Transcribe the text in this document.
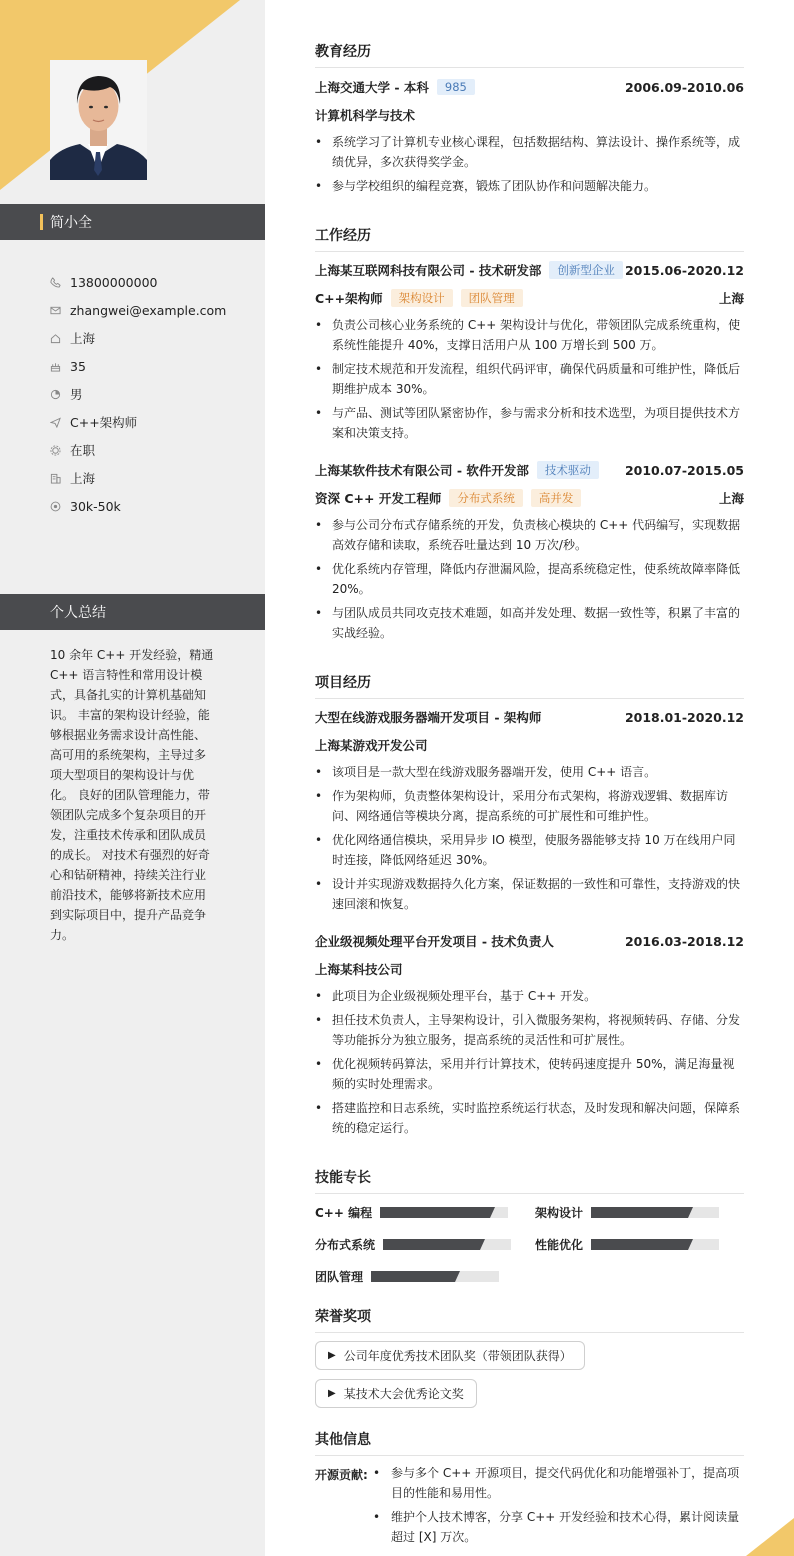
简小全
13800000000
zhangwei@example.com
上海
35
男
C++架构师
在职
上海
30k-50k
个人总结
10 余年 C++ 开发经验，精通 C++ 语言特性和常用设计模式，具备扎实的计算机基础知识。 丰富的架构设计经验，能够根据业务需求设计高性能、高可用的系统架构，主导过多项大型项目的架构设计与优化。 良好的团队管理能力，带领团队完成多个复杂项目的开发，注重技术传承和团队成员的成长。 对技术有强烈的好奇心和钻研精神，持续关注行业前沿技术，能够将新技术应用到实际项目中，提升产品竞争力。
教育经历
上海交通大学 - 本科	985	2006.09-2010.06
计算机科学与技术
• 系统学习了计算机专业核心课程，包括数据结构、算法设计、操作系统等，成绩优异，多次获得奖学金。
• 参与学校组织的编程竞赛，锻炼了团队协作和问题解决能力。
工作经历
上海某互联网科技有限公司 - 技术研发部	创新型企业 2015.06-2020.12
C++架构师	架构设计	团队管理	上海
• 负责公司核心业务系统的 C++ 架构设计与优化，带领团队完成系统重构，使系统性能提升 40%，支撑日活用户从 100 万增长到 500 万。
• 制定技术规范和开发流程，组织代码评审，确保代码质量和可维护性，降低后期维护成本 30%。
• 与产品、测试等团队紧密协作，参与需求分析和技术选型，为项目提供技术方案和决策支持。
上海某软件技术有限公司 - 软件开发部	技术驱动	2010.07-2015.05
资深 C++ 开发工程师	分布式系统	高并发	上海
• 参与公司分布式存储系统的开发，负责核心模块的 C++ 代码编写，实现数据高效存储和读取，系统吞吐量达到 10 万次/秒。
• 优化系统内存管理，降低内存泄漏风险，提高系统稳定性，使系统故障率降低 20%。
• 与团队成员共同攻克技术难题，如高并发处理、数据一致性等，积累了丰富的实战经验。
项目经历
大型在线游戏服务器端开发项目 - 架构师	2018.01-2020.12
上海某游戏开发公司
• 该项目是一款大型在线游戏服务器端开发，使用 C++ 语言。
• 作为架构师，负责整体架构设计，采用分布式架构，将游戏逻辑、数据库访问、网络通信等模块分离，提高系统的可扩展性和可维护性。
• 优化网络通信模块，采用异步 IO 模型，使服务器能够支持 10 万在线用户同时连接，降低网络延迟 30%。
• 设计并实现游戏数据持久化方案，保证数据的一致性和可靠性，支持游戏的快速回滚和恢复。
企业级视频处理平台开发项目 - 技术负责人	2016.03-2018.12
上海某科技公司
• 此项目为企业级视频处理平台，基于 C++ 开发。
• 担任技术负责人，主导架构设计，引入微服务架构，将视频转码、存储、分发等功能拆分为独立服务，提高系统的灵活性和可扩展性。
• 优化视频转码算法，采用并行计算技术，使转码速度提升 50%，满足海量视频的实时处理需求。
• 搭建监控和日志系统，实时监控系统运行状态，及时发现和解决问题，保障系统的稳定运行。
技能专长
C++ 编程	架构设计
分布式系统	性能优化
团队管理
荣誉奖项
▶ 公司年度优秀技术团队奖（带领团队获得）
▶ 某技术大会优秀论文奖
其他信息
开源贡献:
•	参与多个 C++ 开源项目，提交代码优化和功能增强补丁，提高项目的性能和易用性。
• 维护个人技术博客，分享 C++ 开发经验和技术心得，累计阅读量超过 [X] 万次。
